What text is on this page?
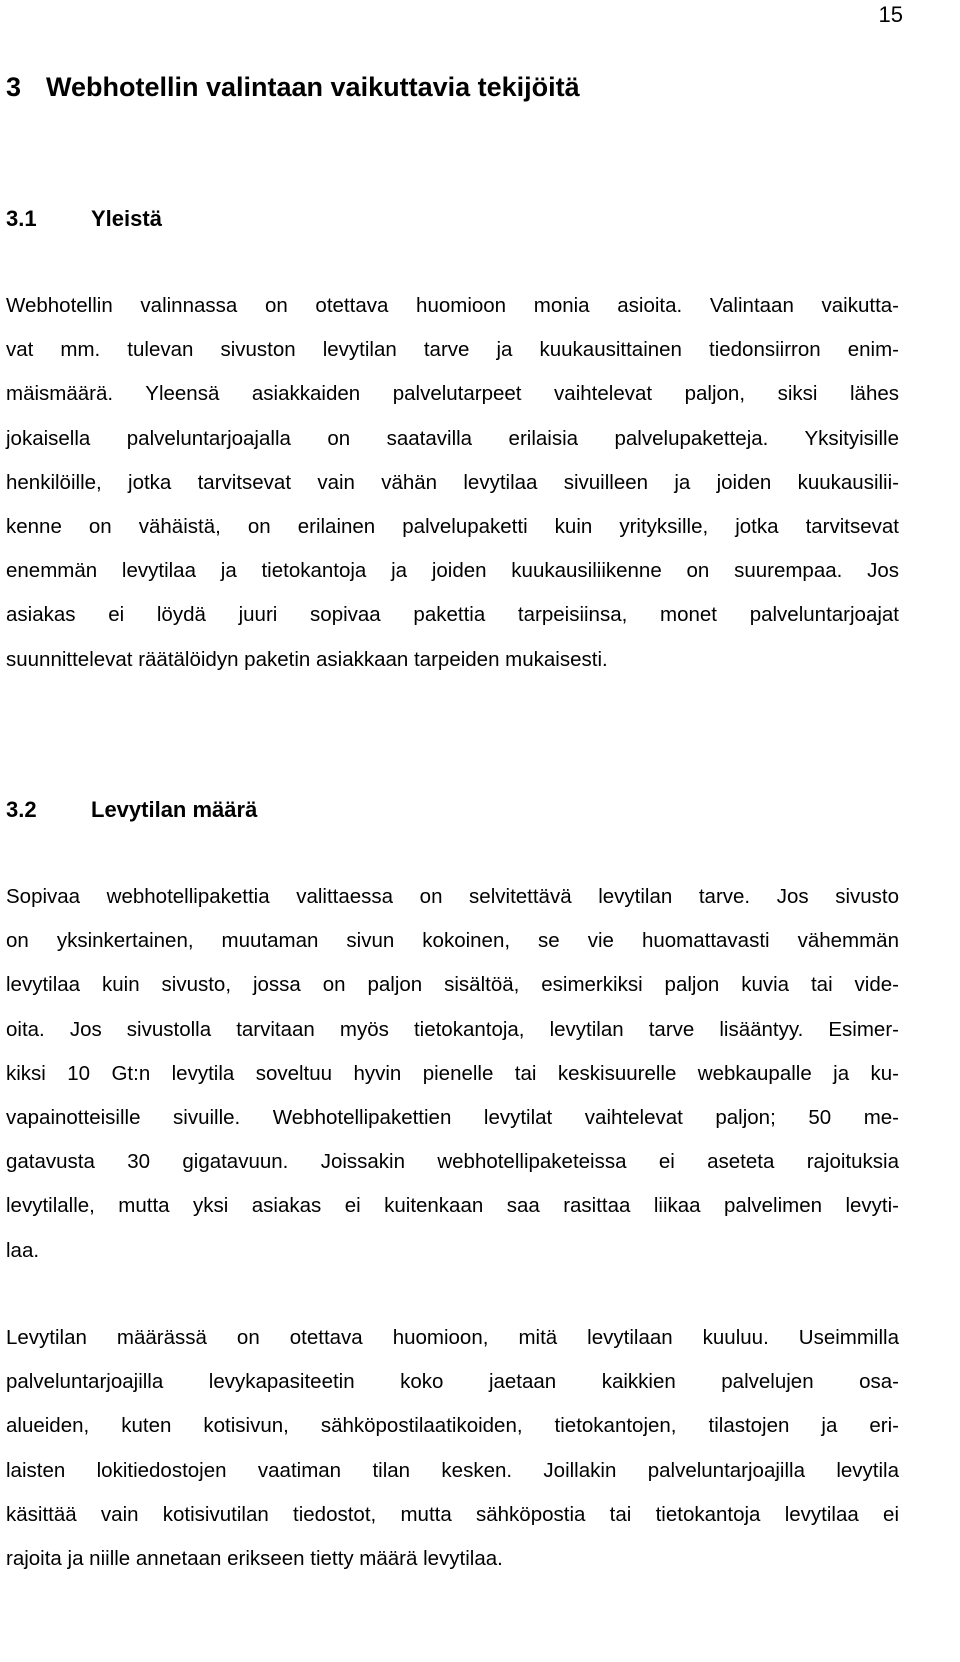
15
3 Webhotellin valintaan vaikuttavia tekijöitä
3.1 Yleistä

Webhotellin valinnassa on otettava huomioon monia asioita. Valintaan vaikutta-
vat mm. tulevan sivuston levytilan tarve ja kuukausittainen tiedonsiirron enim-
mäismäärä. Yleensä asiakkaiden palvelutarpeet vaihtelevat paljon, siksi lähes
jokaisella palveluntarjoajalla on saatavilla erilaisia palvelupaketteja. Yksityisille
henkilöille, jotka tarvitsevat vain vähän levytilaa sivuilleen ja joiden kuukausilii-
kenne on vähäistä, on erilainen palvelupaketti kuin yrityksille, jotka tarvitsevat
enemmän levytilaa ja tietokantoja ja joiden kuukausiliikenne on suurempaa. Jos
asiakas ei löydä juuri sopivaa pakettia tarpeisiinsa, monet palveluntarjoajat
suunnittelevat räätälöidyn paketin asiakkaan tarpeiden mukaisesti.

3.2 Levytilan määrä

Sopivaa webhotellipakettia valittaessa on selvitettävä levytilan tarve. Jos sivusto
on yksinkertainen, muutaman sivun kokoinen, se vie huomattavasti vähemmän
levytilaa kuin sivusto, jossa on paljon sisältöä, esimerkiksi paljon kuvia tai vide-
oita. Jos sivustolla tarvitaan myös tietokantoja, levytilan tarve lisääntyy. Esimer-
kiksi 10 Gt:n levytila soveltuu hyvin pienelle tai keskisuurelle webkaupalle ja ku-
vapainotteisille sivuille. Webhotellipakettien levytilat vaihtelevat paljon; 50 me-
gatavusta 30 gigatavuun. Joissakin webhotellipaketeissa ei aseteta rajoituksia
levytilalle, mutta yksi asiakas ei kuitenkaan saa rasittaa liikaa palvelimen levyti-
laa.

Levytilan määrässä on otettava huomioon, mitä levytilaan kuuluu. Useimmilla
palveluntarjoajilla levykapasiteetin koko jaetaan kaikkien palvelujen osa-
alueiden, kuten kotisivun, sähköpostilaatikoiden, tietokantojen, tilastojen ja eri-
laisten lokitiedostojen vaatiman tilan kesken. Joillakin palveluntarjoajilla levytila
käsittää vain kotisivutilan tiedostot, mutta sähköpostia tai tietokantoja levytilaa ei
rajoita ja niille annetaan erikseen tietty määrä levytilaa.
